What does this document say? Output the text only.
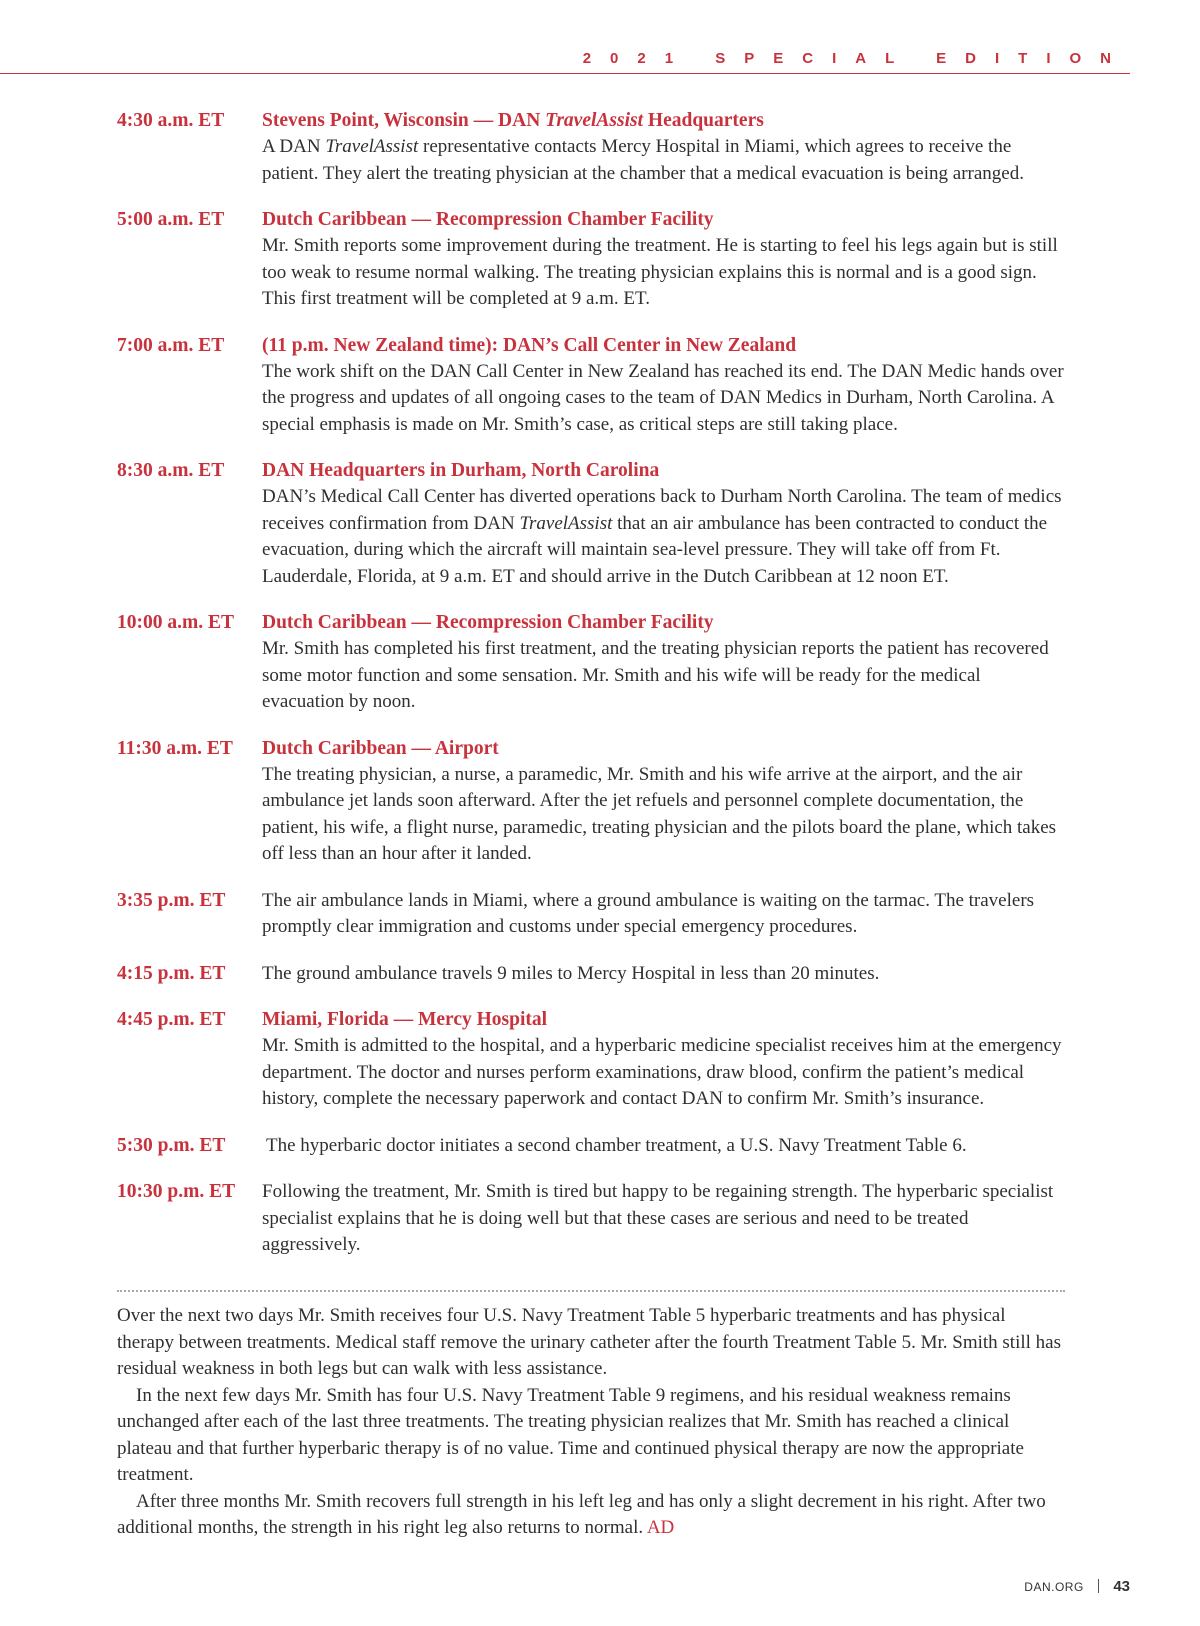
2021 SPECIAL EDITION
4:30 a.m. ET	Stevens Point, Wisconsin — DAN TravelAssist Headquarters
A DAN TravelAssist representative contacts Mercy Hospital in Miami, which agrees to receive the patient. They alert the treating physician at the chamber that a medical evacuation is being arranged.
5:00 a.m. ET	Dutch Caribbean — Recompression Chamber Facility
Mr. Smith reports some improvement during the treatment. He is starting to feel his legs again but is still too weak to resume normal walking. The treating physician explains this is normal and is a good sign. This first treatment will be completed at 9 a.m. ET.
7:00 a.m. ET	(11 p.m. New Zealand time): DAN’s Call Center in New Zealand
The work shift on the DAN Call Center in New Zealand has reached its end. The DAN Medic hands over the progress and updates of all ongoing cases to the team of DAN Medics in Durham, North Carolina. A special emphasis is made on Mr. Smith’s case, as critical steps are still taking place.
8:30 a.m. ET	DAN Headquarters in Durham, North Carolina
DAN’s Medical Call Center has diverted operations back to Durham North Carolina. The team of medics receives confirmation from DAN TravelAssist that an air ambulance has been contracted to conduct the evacuation, during which the aircraft will maintain sea-level pressure. They will take off from Ft. Lauderdale, Florida, at 9 a.m. ET and should arrive in the Dutch Caribbean at 12 noon ET.
10:00 a.m. ET	Dutch Caribbean — Recompression Chamber Facility
Mr. Smith has completed his first treatment, and the treating physician reports the patient has recovered some motor function and some sensation. Mr. Smith and his wife will be ready for the medical evacuation by noon.
11:30 a.m. ET	Dutch Caribbean — Airport
The treating physician, a nurse, a paramedic, Mr. Smith and his wife arrive at the airport, and the air ambulance jet lands soon afterward. After the jet refuels and personnel complete documentation, the patient, his wife, a flight nurse, paramedic, treating physician and the pilots board the plane, which takes off less than an hour after it landed.
3:35 p.m. ET	The air ambulance lands in Miami, where a ground ambulance is waiting on the tarmac. The travelers promptly clear immigration and customs under special emergency procedures.
4:15 p.m. ET	The ground ambulance travels 9 miles to Mercy Hospital in less than 20 minutes.
4:45 p.m. ET	Miami, Florida — Mercy Hospital
Mr. Smith is admitted to the hospital, and a hyperbaric medicine specialist receives him at the emergency department. The doctor and nurses perform examinations, draw blood, confirm the patient’s medical history, complete the necessary paperwork and contact DAN to confirm Mr. Smith’s insurance.
5:30 p.m. ET	The hyperbaric doctor initiates a second chamber treatment, a U.S. Navy Treatment Table 6.
10:30 p.m. ET	Following the treatment, Mr. Smith is tired but happy to be regaining strength. The hyperbaric specialist specialist explains that he is doing well but that these cases are serious and need to be treated aggressively.

Over the next two days Mr. Smith receives four U.S. Navy Treatment Table 5 hyperbaric treatments and has physical therapy between treatments. Medical staff remove the urinary catheter after the fourth Treatment Table 5. Mr. Smith still has residual weakness in both legs but can walk with less assistance.

In the next few days Mr. Smith has four U.S. Navy Treatment Table 9 regimens, and his residual weakness remains unchanged after each of the last three treatments. The treating physician realizes that Mr. Smith has reached a clinical plateau and that further hyperbaric therapy is of no value. Time and continued physical therapy are now the appropriate treatment.

After three months Mr. Smith recovers full strength in his left leg and has only a slight decrement in his right. After two additional months, the strength in his right leg also returns to normal. AD

DAN.ORG 43
